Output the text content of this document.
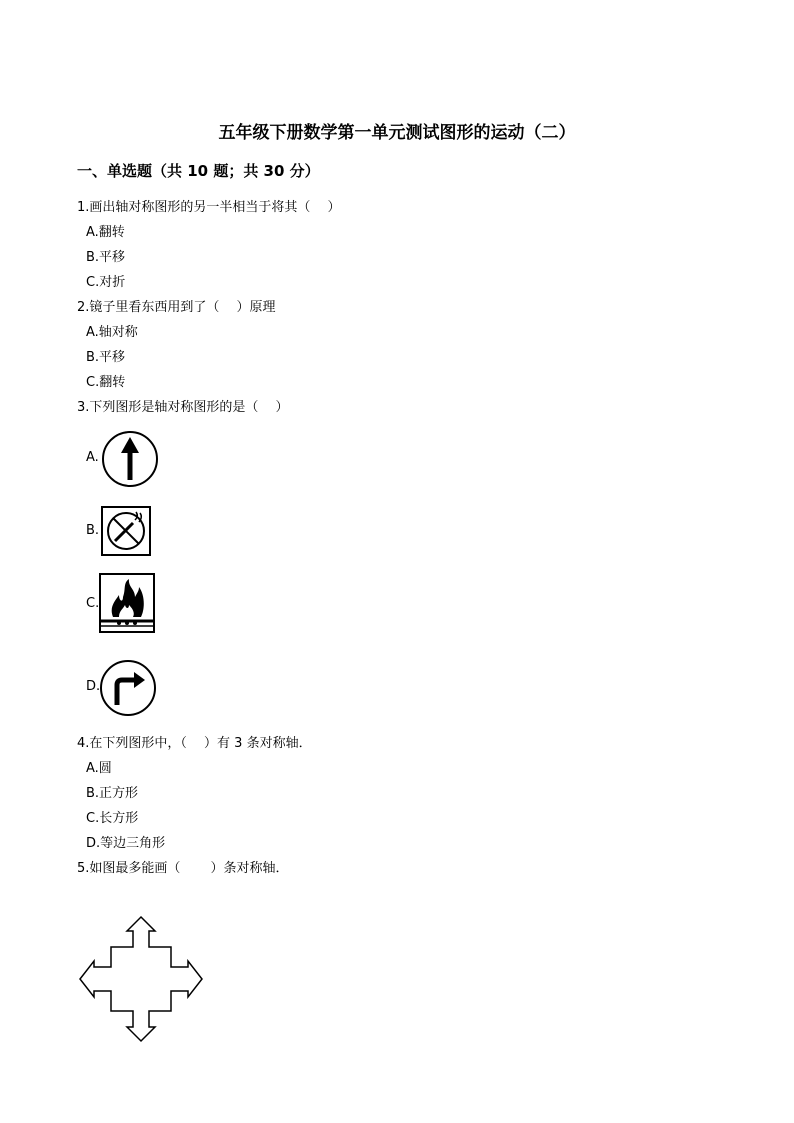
五年级下册数学第一单元测试图形的运动（二）
一、单选题（共 10 题；共 30 分）
1.画出轴对称图形的另一半相当于将其（　 ）
A.翻转
B.平移
C.对折
2.镜子里看东西用到了（　 ）原理
A.轴对称
B.平移
C.翻转
3.下列图形是轴对称图形的是（　 ）
A.
B.
C.
D.
4.在下列图形中，（　 ）有 3 条对称轴．
A.圆
B.正方形
C.长方形
D.等边三角形
5.如图最多能画（　　 ）条对称轴．
